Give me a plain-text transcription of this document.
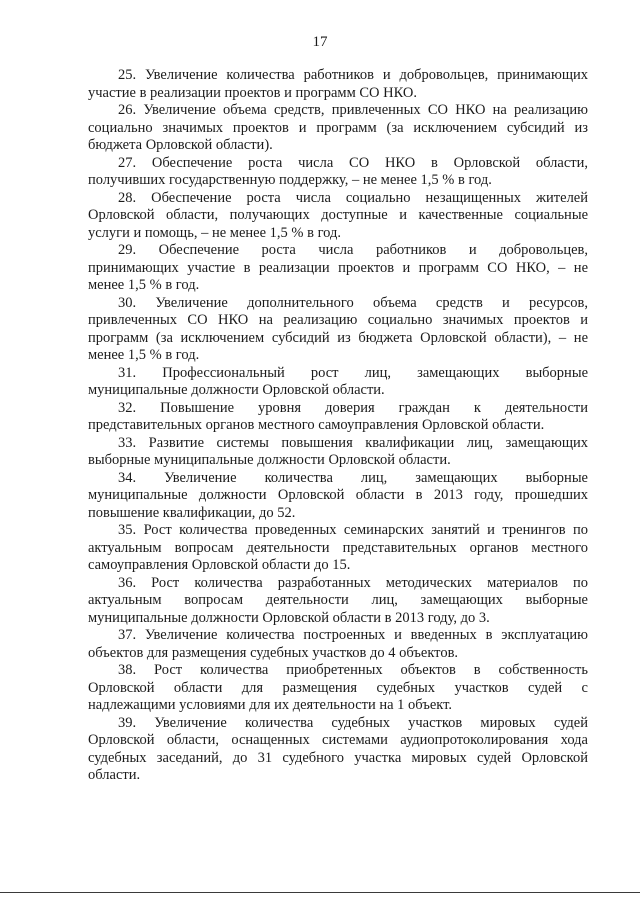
17
25. Увеличение количества работников и добровольцев, принимающих
участие в реализации проектов и программ СО НКО.
26. Увеличение объема средств, привлеченных СО НКО на реализацию
социально значимых проектов и программ (за исключением субсидий из
бюджета Орловской области).
27. Обеспечение роста числа СО НКО в Орловской области,
получивших государственную поддержку, – не менее 1,5 % в год.
28. Обеспечение роста числа социально незащищенных жителей
Орловской области, получающих доступные и качественные социальные
услуги и помощь, – не менее 1,5 % в год.
29. Обеспечение роста числа работников и добровольцев,
принимающих участие в реализации проектов и программ СО НКО, – не
менее 1,5 % в год.
30. Увеличение дополнительного объема средств и ресурсов,
привлеченных СО НКО на реализацию социально значимых проектов и
программ (за исключением субсидий из бюджета Орловской области), – не
менее 1,5 % в год.
31. Профессиональный рост лиц, замещающих выборные
муниципальные должности Орловской области.
32. Повышение уровня доверия граждан к деятельности
представительных органов местного самоуправления Орловской области.
33. Развитие системы повышения квалификации лиц, замещающих
выборные муниципальные должности Орловской области.
34. Увеличение количества лиц, замещающих выборные
муниципальные должности Орловской области в 2013 году, прошедших
повышение квалификации, до 52.
35. Рост количества проведенных семинарских занятий и тренингов по
актуальным вопросам деятельности представительных органов местного
самоуправления Орловской области до 15.
36. Рост количества разработанных методических материалов по
актуальным вопросам деятельности лиц, замещающих выборные
муниципальные должности Орловской области в 2013 году, до 3.
37. Увеличение количества построенных и введенных в эксплуатацию
объектов для размещения судебных участков до 4 объектов.
38. Рост количества приобретенных объектов в собственность
Орловской области для размещения судебных участков судей с
надлежащими условиями для их деятельности на 1 объект.
39. Увеличение количества судебных участков мировых судей
Орловской области, оснащенных системами аудиопротоколирования хода
судебных заседаний, до 31 судебного участка мировых судей Орловской
области.
